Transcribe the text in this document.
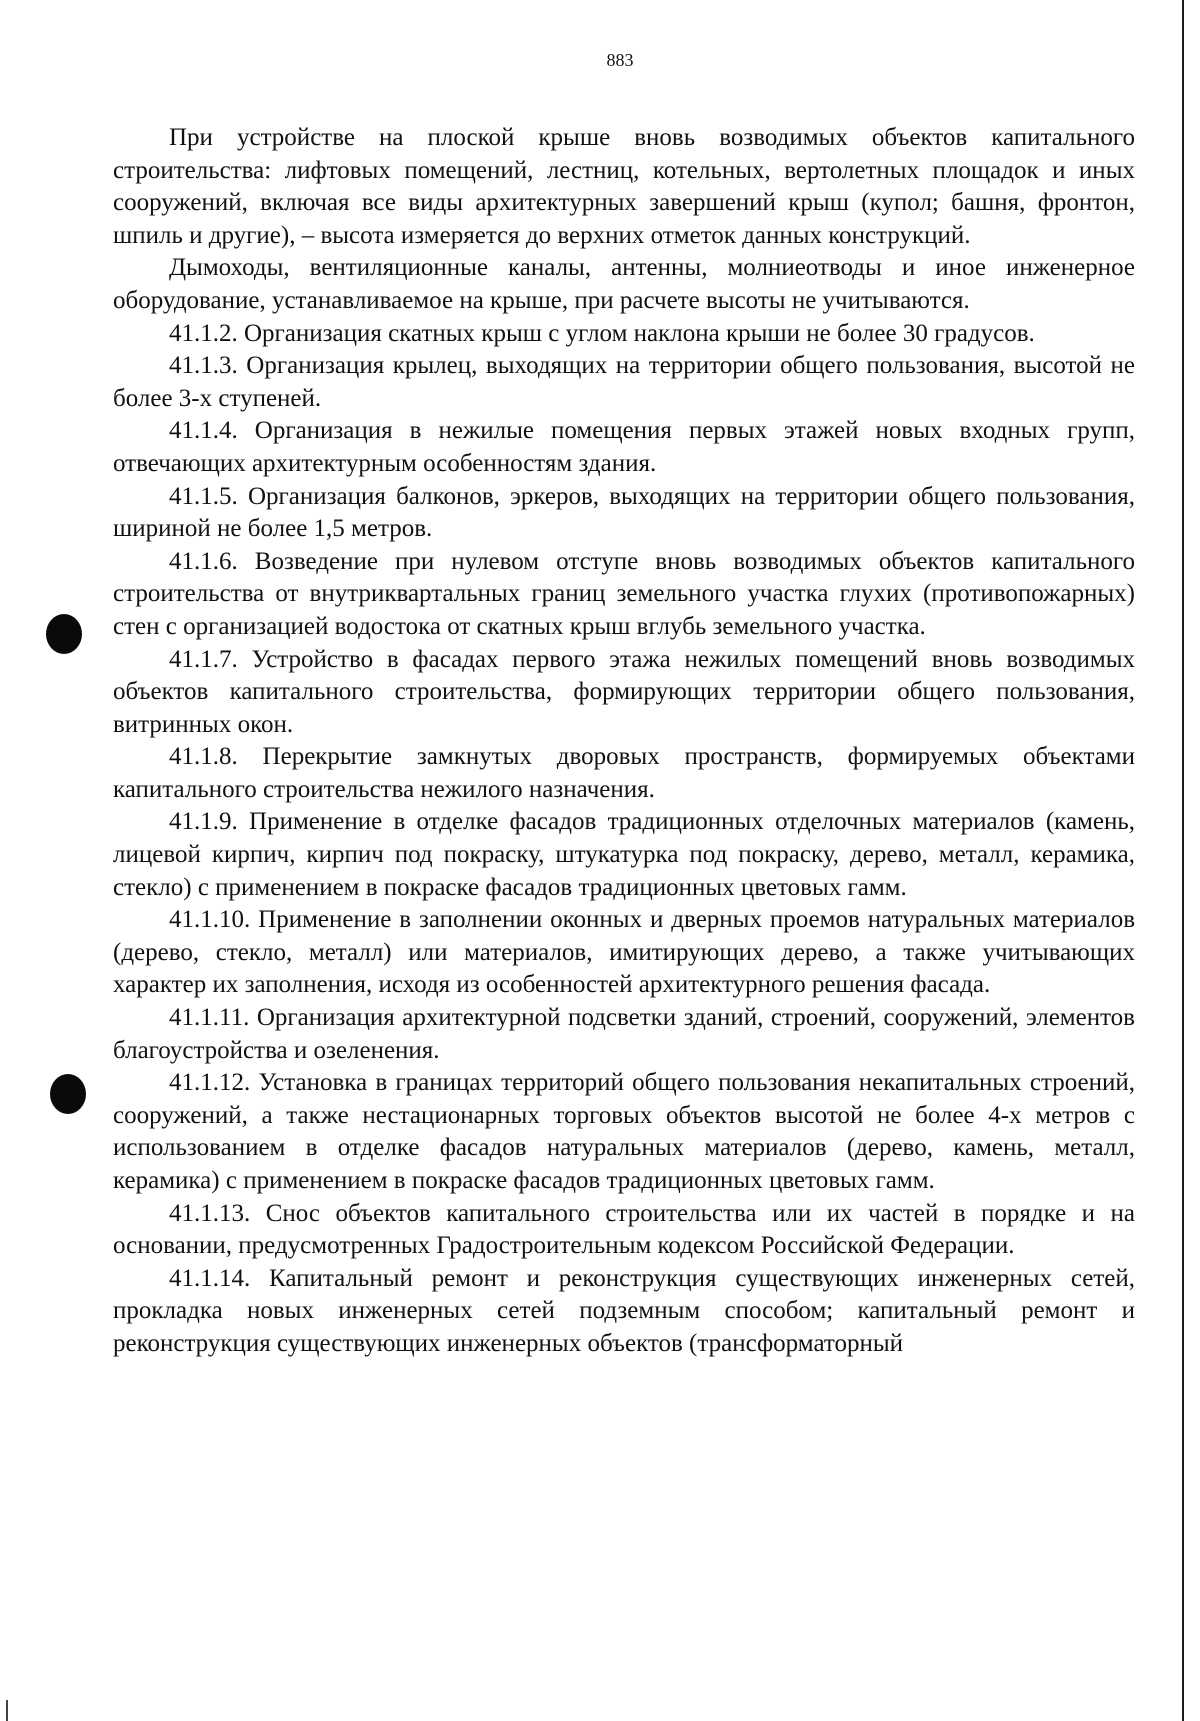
883

При устройстве на плоской крыше вновь возводимых объектов капитального строительства: лифтовых помещений, лестниц, котельных, вертолетных площадок и иных сооружений, включая все виды архитектурных завершений крыш (купол; башня, фронтон, шпиль и другие), – высота измеряется до верхних отметок данных конструкций.

Дымоходы, вентиляционные каналы, антенны, молниеотводы и иное инженерное оборудование, устанавливаемое на крыше, при расчете высоты не учитываются.

41.1.2. Организация скатных крыш с углом наклона крыши не более 30 градусов.

41.1.3. Организация крылец, выходящих на территории общего пользования, высотой не более 3-х ступеней.

41.1.4. Организация в нежилые помещения первых этажей новых входных групп, отвечающих архитектурным особенностям здания.

41.1.5. Организация балконов, эркеров, выходящих на территории общего пользования, шириной не более 1,5 метров.

41.1.6. Возведение при нулевом отступе вновь возводимых объектов капитального строительства от внутриквартальных границ земельного участка глухих (противопожарных) стен с организацией водостока от скатных крыш вглубь земельного участка.

41.1.7. Устройство в фасадах первого этажа нежилых помещений вновь возводимых объектов капитального строительства, формирующих территории общего пользования, витринных окон.

41.1.8. Перекрытие замкнутых дворовых пространств, формируемых объектами капитального строительства нежилого назначения.

41.1.9. Применение в отделке фасадов традиционных отделочных материалов (камень, лицевой кирпич, кирпич под покраску, штукатурка под покраску, дерево, металл, керамика, стекло) с применением в покраске фасадов традиционных цветовых гамм.

41.1.10. Применение в заполнении оконных и дверных проемов натуральных материалов (дерево, стекло, металл) или материалов, имитирующих дерево, а также учитывающих характер их заполнения, исходя из особенностей архитектурного решения фасада.

41.1.11. Организация архитектурной подсветки зданий, строений, сооружений, элементов благоустройства и озеленения.

41.1.12. Установка в границах территорий общего пользования некапитальных строений, сооружений, а также нестационарных торговых объектов высотой не более 4-х метров с использованием в отделке фасадов натуральных материалов (дерево, камень, металл, керамика) с применением в покраске фасадов традиционных цветовых гамм.

41.1.13. Снос объектов капитального строительства или их частей в порядке и на основании, предусмотренных Градостроительным кодексом Российской Федерации.

41.1.14. Капитальный ремонт и реконструкция существующих инженерных сетей, прокладка новых инженерных сетей подземным способом; капитальный ремонт и реконструкция существующих инженерных объектов (трансформаторный
